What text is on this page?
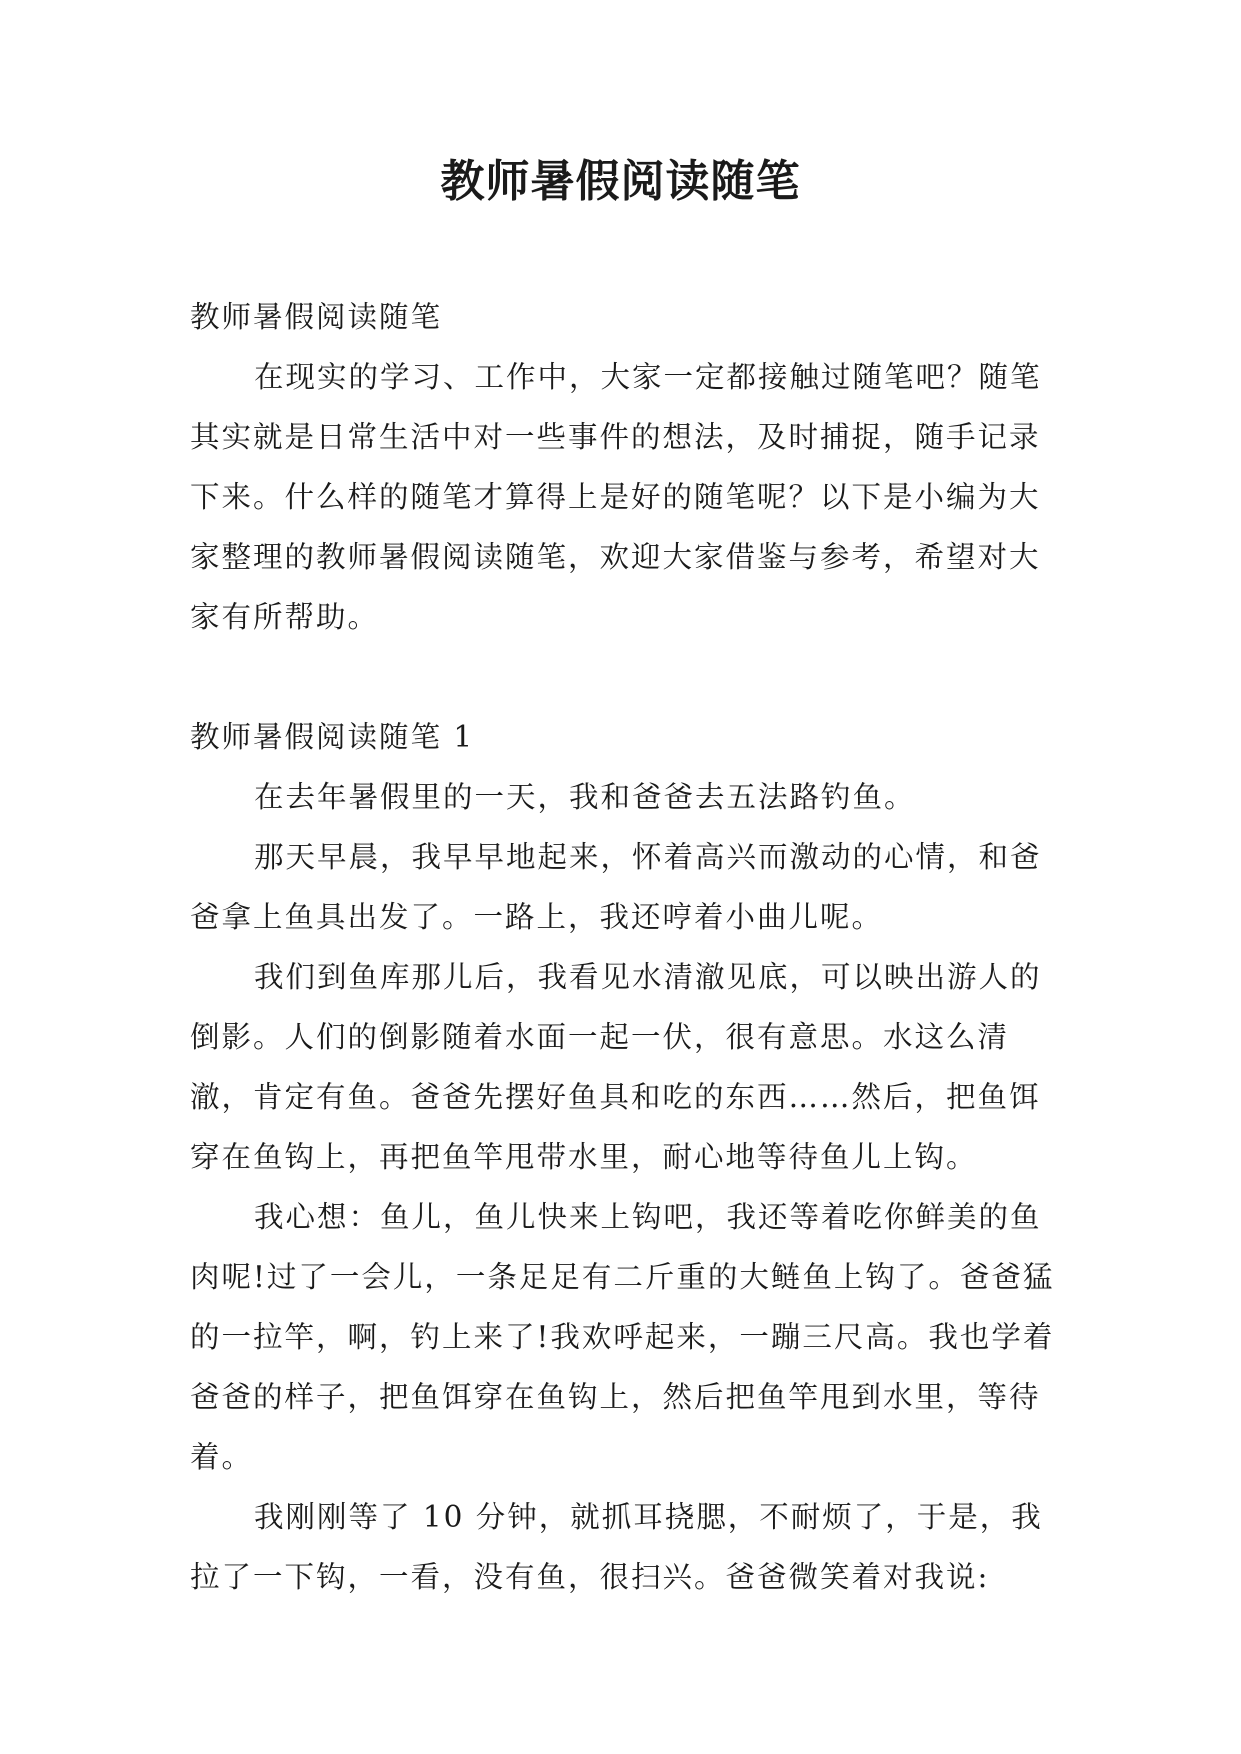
教师暑假阅读随笔

教师暑假阅读随笔

在现实的学习、工作中，大家一定都接触过随笔吧？随笔其实就是日常生活中对一些事件的想法，及时捕捉，随手记录下来。什么样的随笔才算得上是好的随笔呢？以下是小编为大家整理的教师暑假阅读随笔，欢迎大家借鉴与参考，希望对大家有所帮助。

教师暑假阅读随笔 1

在去年暑假里的一天，我和爸爸去五法路钓鱼。

那天早晨，我早早地起来，怀着高兴而激动的心情，和爸爸拿上鱼具出发了。一路上，我还哼着小曲儿呢。

我们到鱼库那儿后，我看见水清澈见底，可以映出游人的倒影。人们的倒影随着水面一起一伏，很有意思。水这么清澈，肯定有鱼。爸爸先摆好鱼具和吃的东西……然后，把鱼饵穿在鱼钩上，再把鱼竿甩带水里，耐心地等待鱼儿上钩。

我心想：鱼儿，鱼儿快来上钩吧，我还等着吃你鲜美的鱼肉呢!过了一会儿，一条足足有二斤重的大鲢鱼上钩了。爸爸猛的一拉竿，啊，钓上来了!我欢呼起来，一蹦三尺高。我也学着爸爸的样子，把鱼饵穿在鱼钩上，然后把鱼竿甩到水里，等待着。

我刚刚等了 10 分钟，就抓耳挠腮，不耐烦了，于是，我拉了一下钩，一看，没有鱼，很扫兴。爸爸微笑着对我说:
